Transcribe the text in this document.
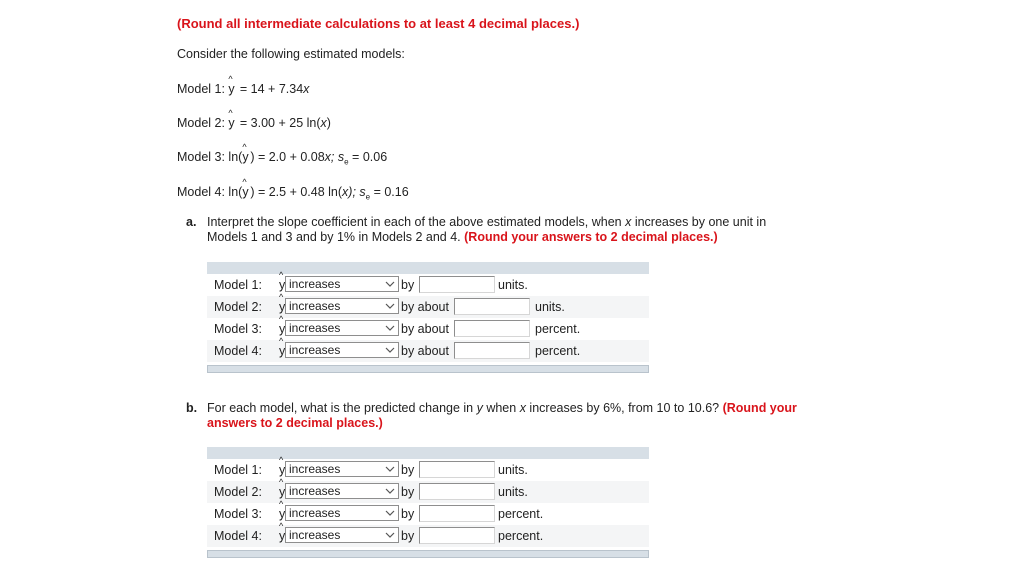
(Round all intermediate calculations to at least 4 decimal places.)
Consider the following estimated models:
Model 1: ^ y = 14 + 7.34x
Model 2: ^ y = 3.00 + 25 ln(x)
Model 3: ln(^ y ) = 2.0 + 0.08x; $s_e = 0.06$
Model 4: ln(^ y ) = 2.5 + 0.48 ln(x); $s_e = 0.16$
a. Interpret the slope coefficient in each of the above estimated models, when x increases by one unit in Models 1 and 3 and by 1% in Models 2 and 4. (Round your answers to 2 decimal places.)
Model 1: ^ y increases	by	units.
Model 2: ^ y increases	by about	units.
Model 3: ^ y increases	by about	percent.
Model 4: ^ y increases	by about	percent.
b. For each model, what is the predicted change in y when x increases by 6%, from 10 to 10.6? (Round your answers to 2 decimal places.)
Model 1: ^ y increases	by	units.
Model 2: ^ y increases	by	units.
Model 3: ^ y increases	by	percent.
Model 4: ^ y increases	by	percent.
